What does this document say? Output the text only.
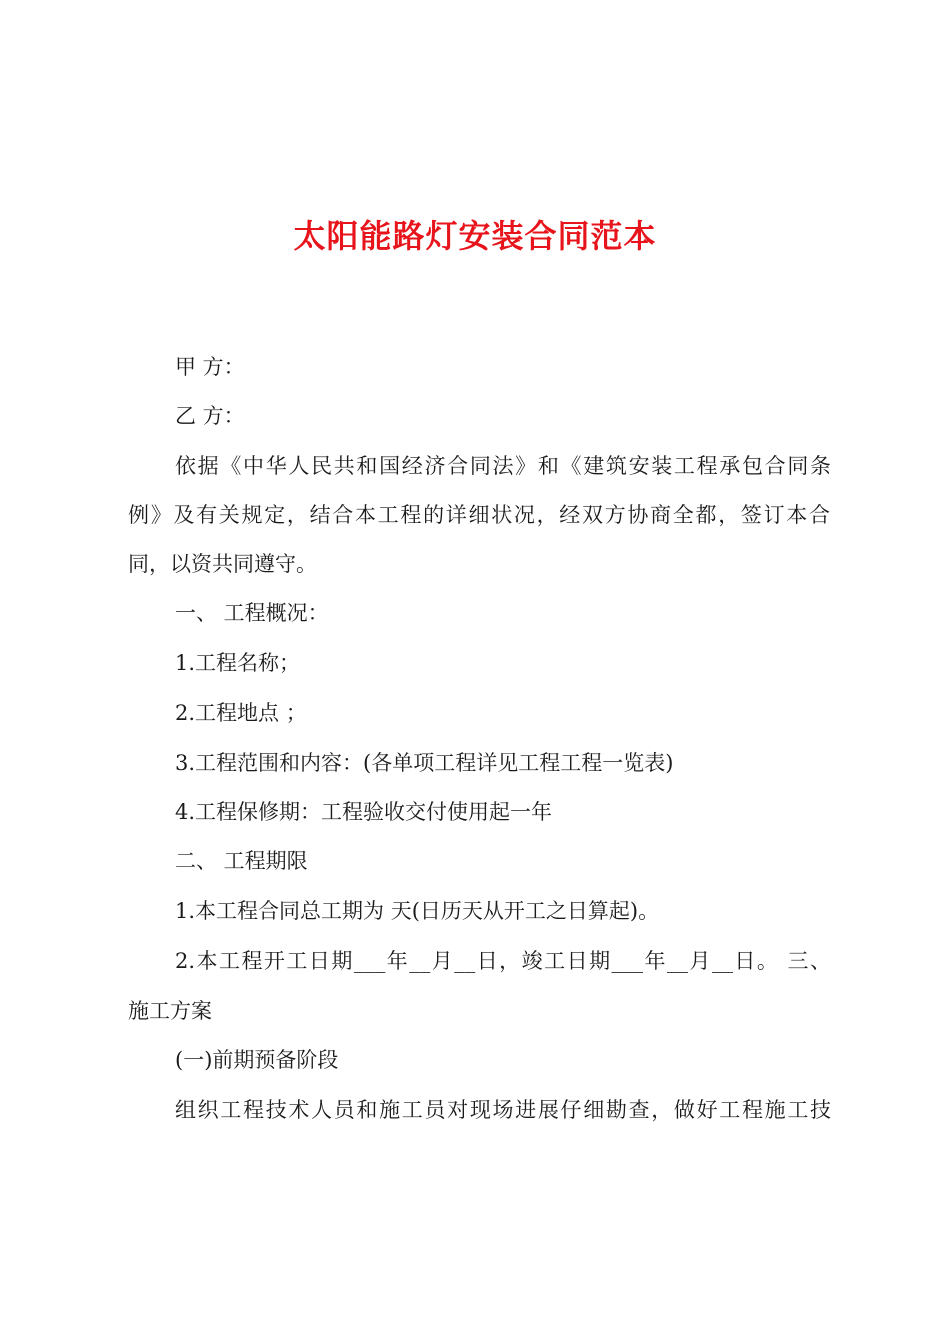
太阳能路灯安装合同范本
甲 方：
乙 方：
依据《中华人民共和国经济合同法》和《建筑安装工程承包合同条
例》及有关规定，结合本工程的详细状况，经双方协商全都，签订本合
同，以资共同遵守。
一、 工程概况：
1.工程名称；
2.工程地点 ；
3.工程范围和内容：(各单项工程详见工程工程一览表)
4.工程保修期：工程验收交付使用起一年
二、 工程期限
1.本工程合同总工期为 天(日历天从开工之日算起)。
2.本工程开工日期___年__月__日，竣工日期___年__月__日。 三、
施工方案
(一)前期预备阶段
组织工程技术人员和施工员对现场进展仔细勘查，做好工程施工技
